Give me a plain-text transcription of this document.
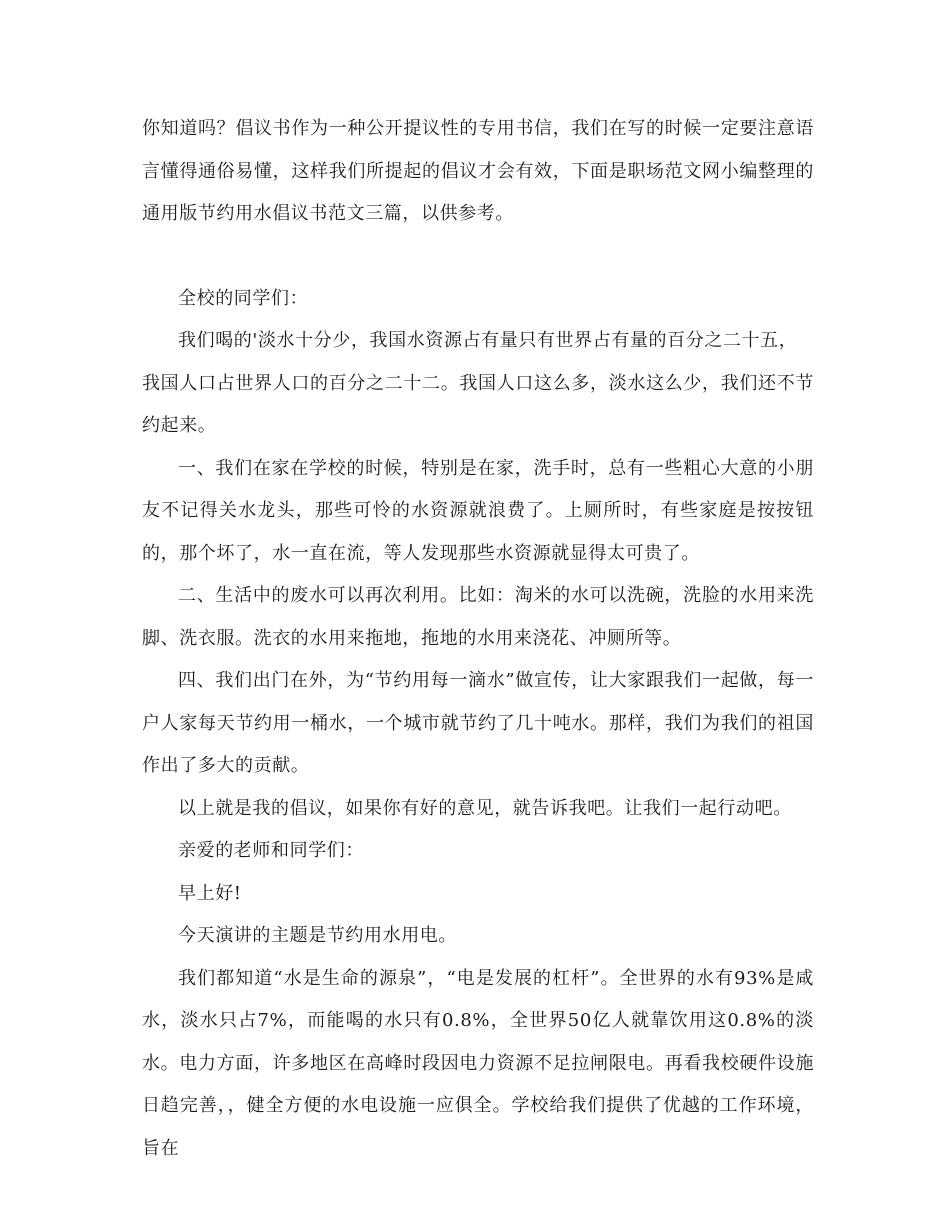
你知道吗？倡议书作为一种公开提议性的专用书信，我们在写的时候一定要注意语言懂得通俗易懂，这样我们所提起的倡议才会有效，下面是职场范文网小编整理的通用版节约用水倡议书范文三篇，以供参考。

全校的同学们：

我们喝的'淡水十分少，我国水资源占有量只有世界占有量的百分之二十五，

我国人口占世界人口的百分之二十二。我国人口这么多，淡水这么少，我们还不节约起来。

一、我们在家在学校的时候，特别是在家，洗手时，总有一些粗心大意的小朋友不记得关水龙头，那些可怜的水资源就浪费了。上厕所时，有些家庭是按按钮的，那个坏了，水一直在流，等人发现那些水资源就显得太可贵了。

二、生活中的废水可以再次利用。比如：淘米的水可以洗碗，洗脸的水用来洗脚、洗衣服。洗衣的水用来拖地，拖地的水用来浇花、冲厕所等。

四、我们出门在外，为“节约用每一滴水”做宣传，让大家跟我们一起做，每一户人家每天节约用一桶水，一个城市就节约了几十吨水。那样，我们为我们的祖国作出了多大的贡献。

以上就是我的倡议，如果你有好的意见，就告诉我吧。让我们一起行动吧。

亲爱的老师和同学们：

早上好!

今天演讲的主题是节约用水用电。

我们都知道“水是生命的源泉”，“电是发展的杠杆”。全世界的水有93%是咸水，淡水只占7%，而能喝的水只有0.8%，全世界50亿人就靠饮用这0.8%的淡水。电力方面，许多地区在高峰时段因电力资源不足拉闸限电。再看我校硬件设施日趋完善，，健全方便的水电设施一应俱全。学校给我们提供了优越的工作环境，旨在
